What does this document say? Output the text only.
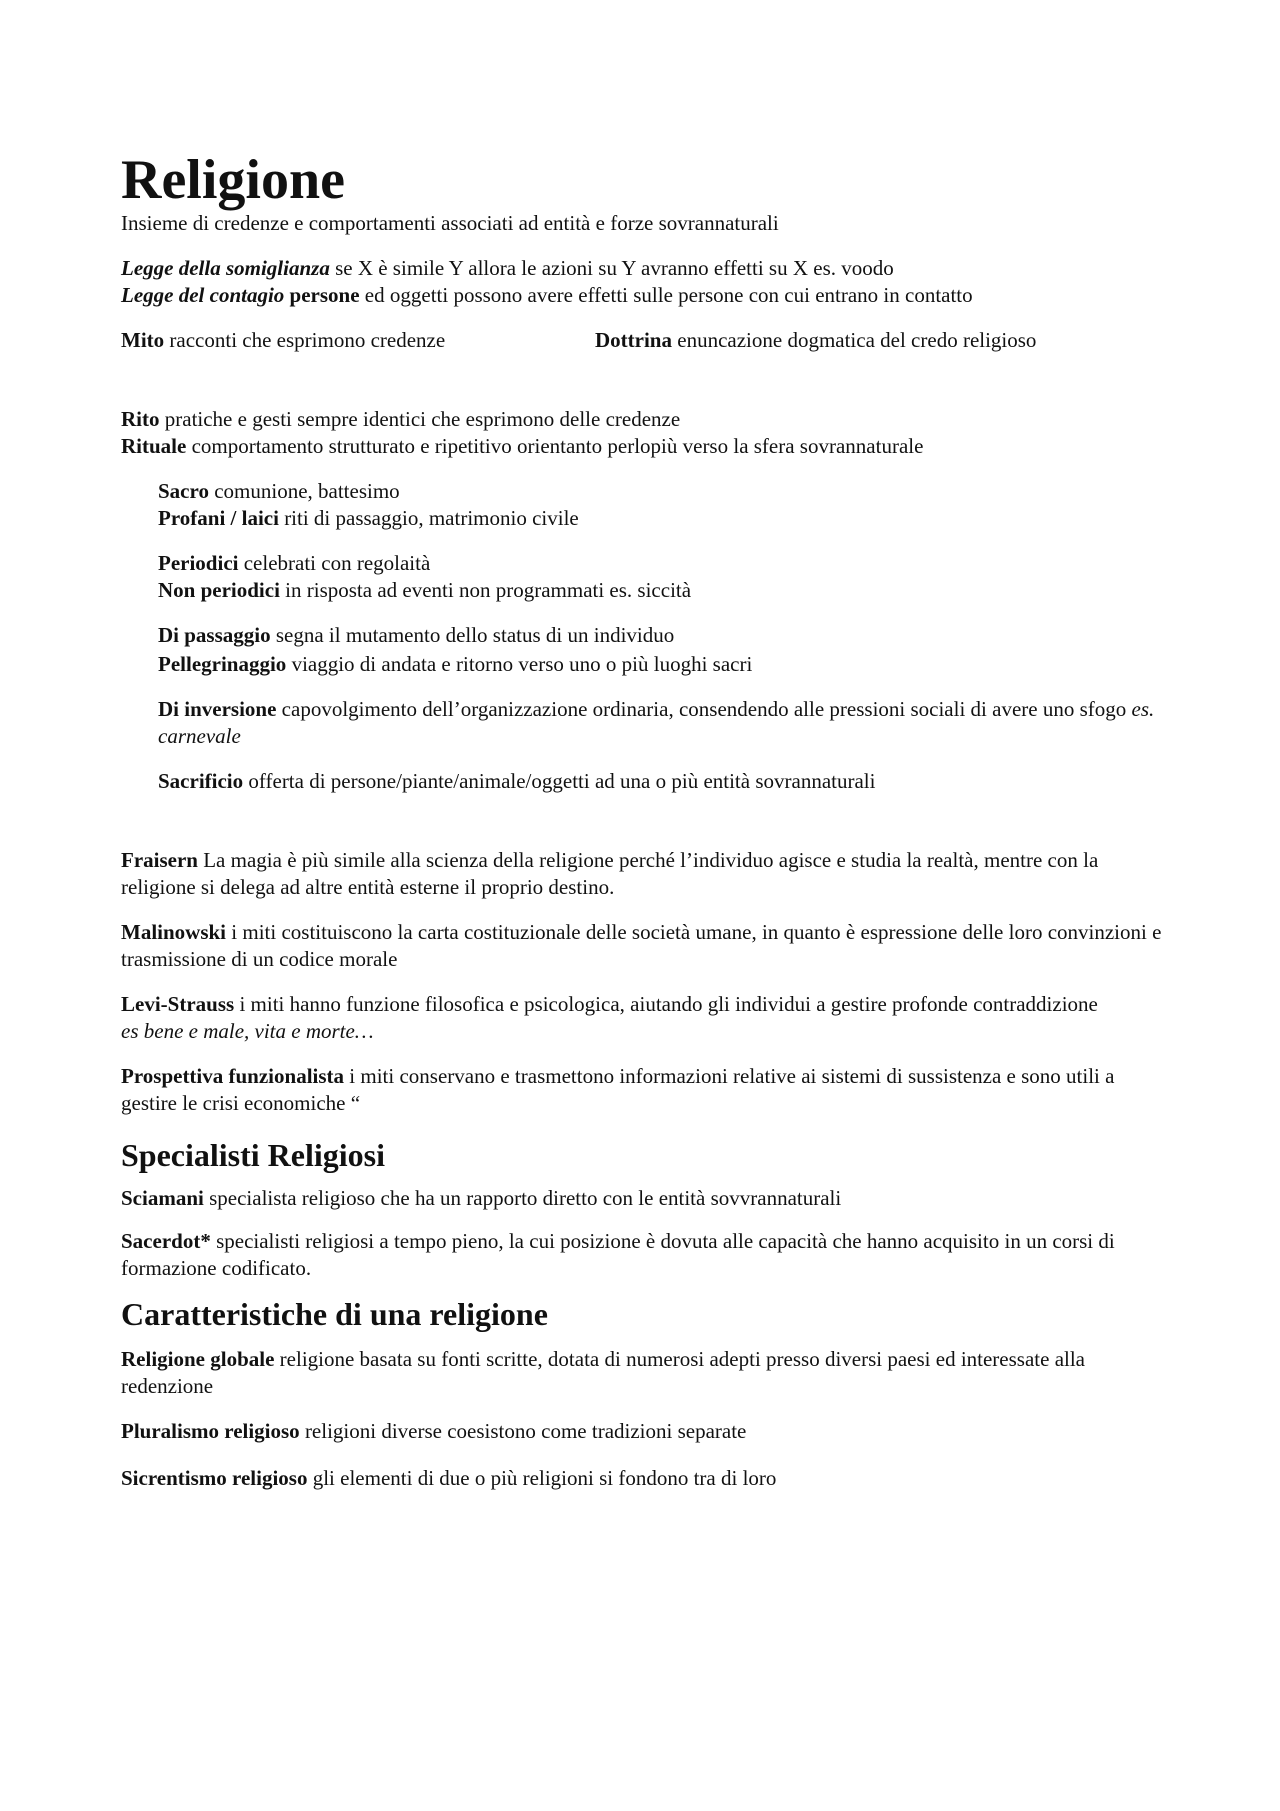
Religione

Insieme di credenze e comportamenti associati ad entità e forze sovrannaturali

Legge della somiglianza se X è simile Y allora le azioni su Y avranno effetti su X es. voodo

Legge del contagio persone ed oggetti possono avere effetti sulle persone con cui entrano in contatto

Mito racconti che esprimono credenze	Dottrina enuncazione dogmatica del credo religioso

Rito pratiche e gesti sempre identici che esprimono delle credenze

Rituale comportamento strutturato e ripetitivo orientanto perlopiù verso la sfera sovrannaturale

Sacro comunione, battesimo

Profani / laici riti di passaggio, matrimonio civile

Periodici celebrati con regolaità

Non periodici in risposta ad eventi non programmati es. siccità

Di passaggio segna il mutamento dello status di un individuo

Pellegrinaggio viaggio di andata e ritorno verso uno o più luoghi sacri

Di inversione capovolgimento dell’organizzazione ordinaria, consendendo alle pressioni sociali di avere uno sfogo es. carnevale

Sacrificio offerta di persone/piante/animale/oggetti ad una o più entità sovrannaturali

Fraisern La magia è più simile alla scienza della religione perché l’individuo agisce e studia la realtà, mentre con la religione si delega ad altre entità esterne il proprio destino.

Malinowski i miti costituiscono la carta costituzionale delle società umane, in quanto è espressione delle loro convinzioni e trasmissione di un codice morale

Levi-Strauss i miti hanno funzione filosofica e psicologica, aiutando gli individui a gestire profonde contraddizione

es bene e male, vita e morte…

Prospettiva funzionalista i miti conservano e trasmettono informazioni relative ai sistemi di sussistenza e sono utili a gestire le crisi economiche “

Specialisti Religiosi

Sciamani specialista religioso che ha un rapporto diretto con le entità sovvrannaturali

Sacerdot* specialisti religiosi a tempo pieno, la cui posizione è dovuta alle capacità che hanno acquisito in un corsi di formazione codificato.

Caratteristiche di una religione

Religione globale religione basata su fonti scritte, dotata di numerosi adepti presso diversi paesi ed interessate alla redenzione

Pluralismo religioso religioni diverse coesistono come tradizioni separate

Sicrentismo religioso gli elementi di due o più religioni si fondono tra di loro
